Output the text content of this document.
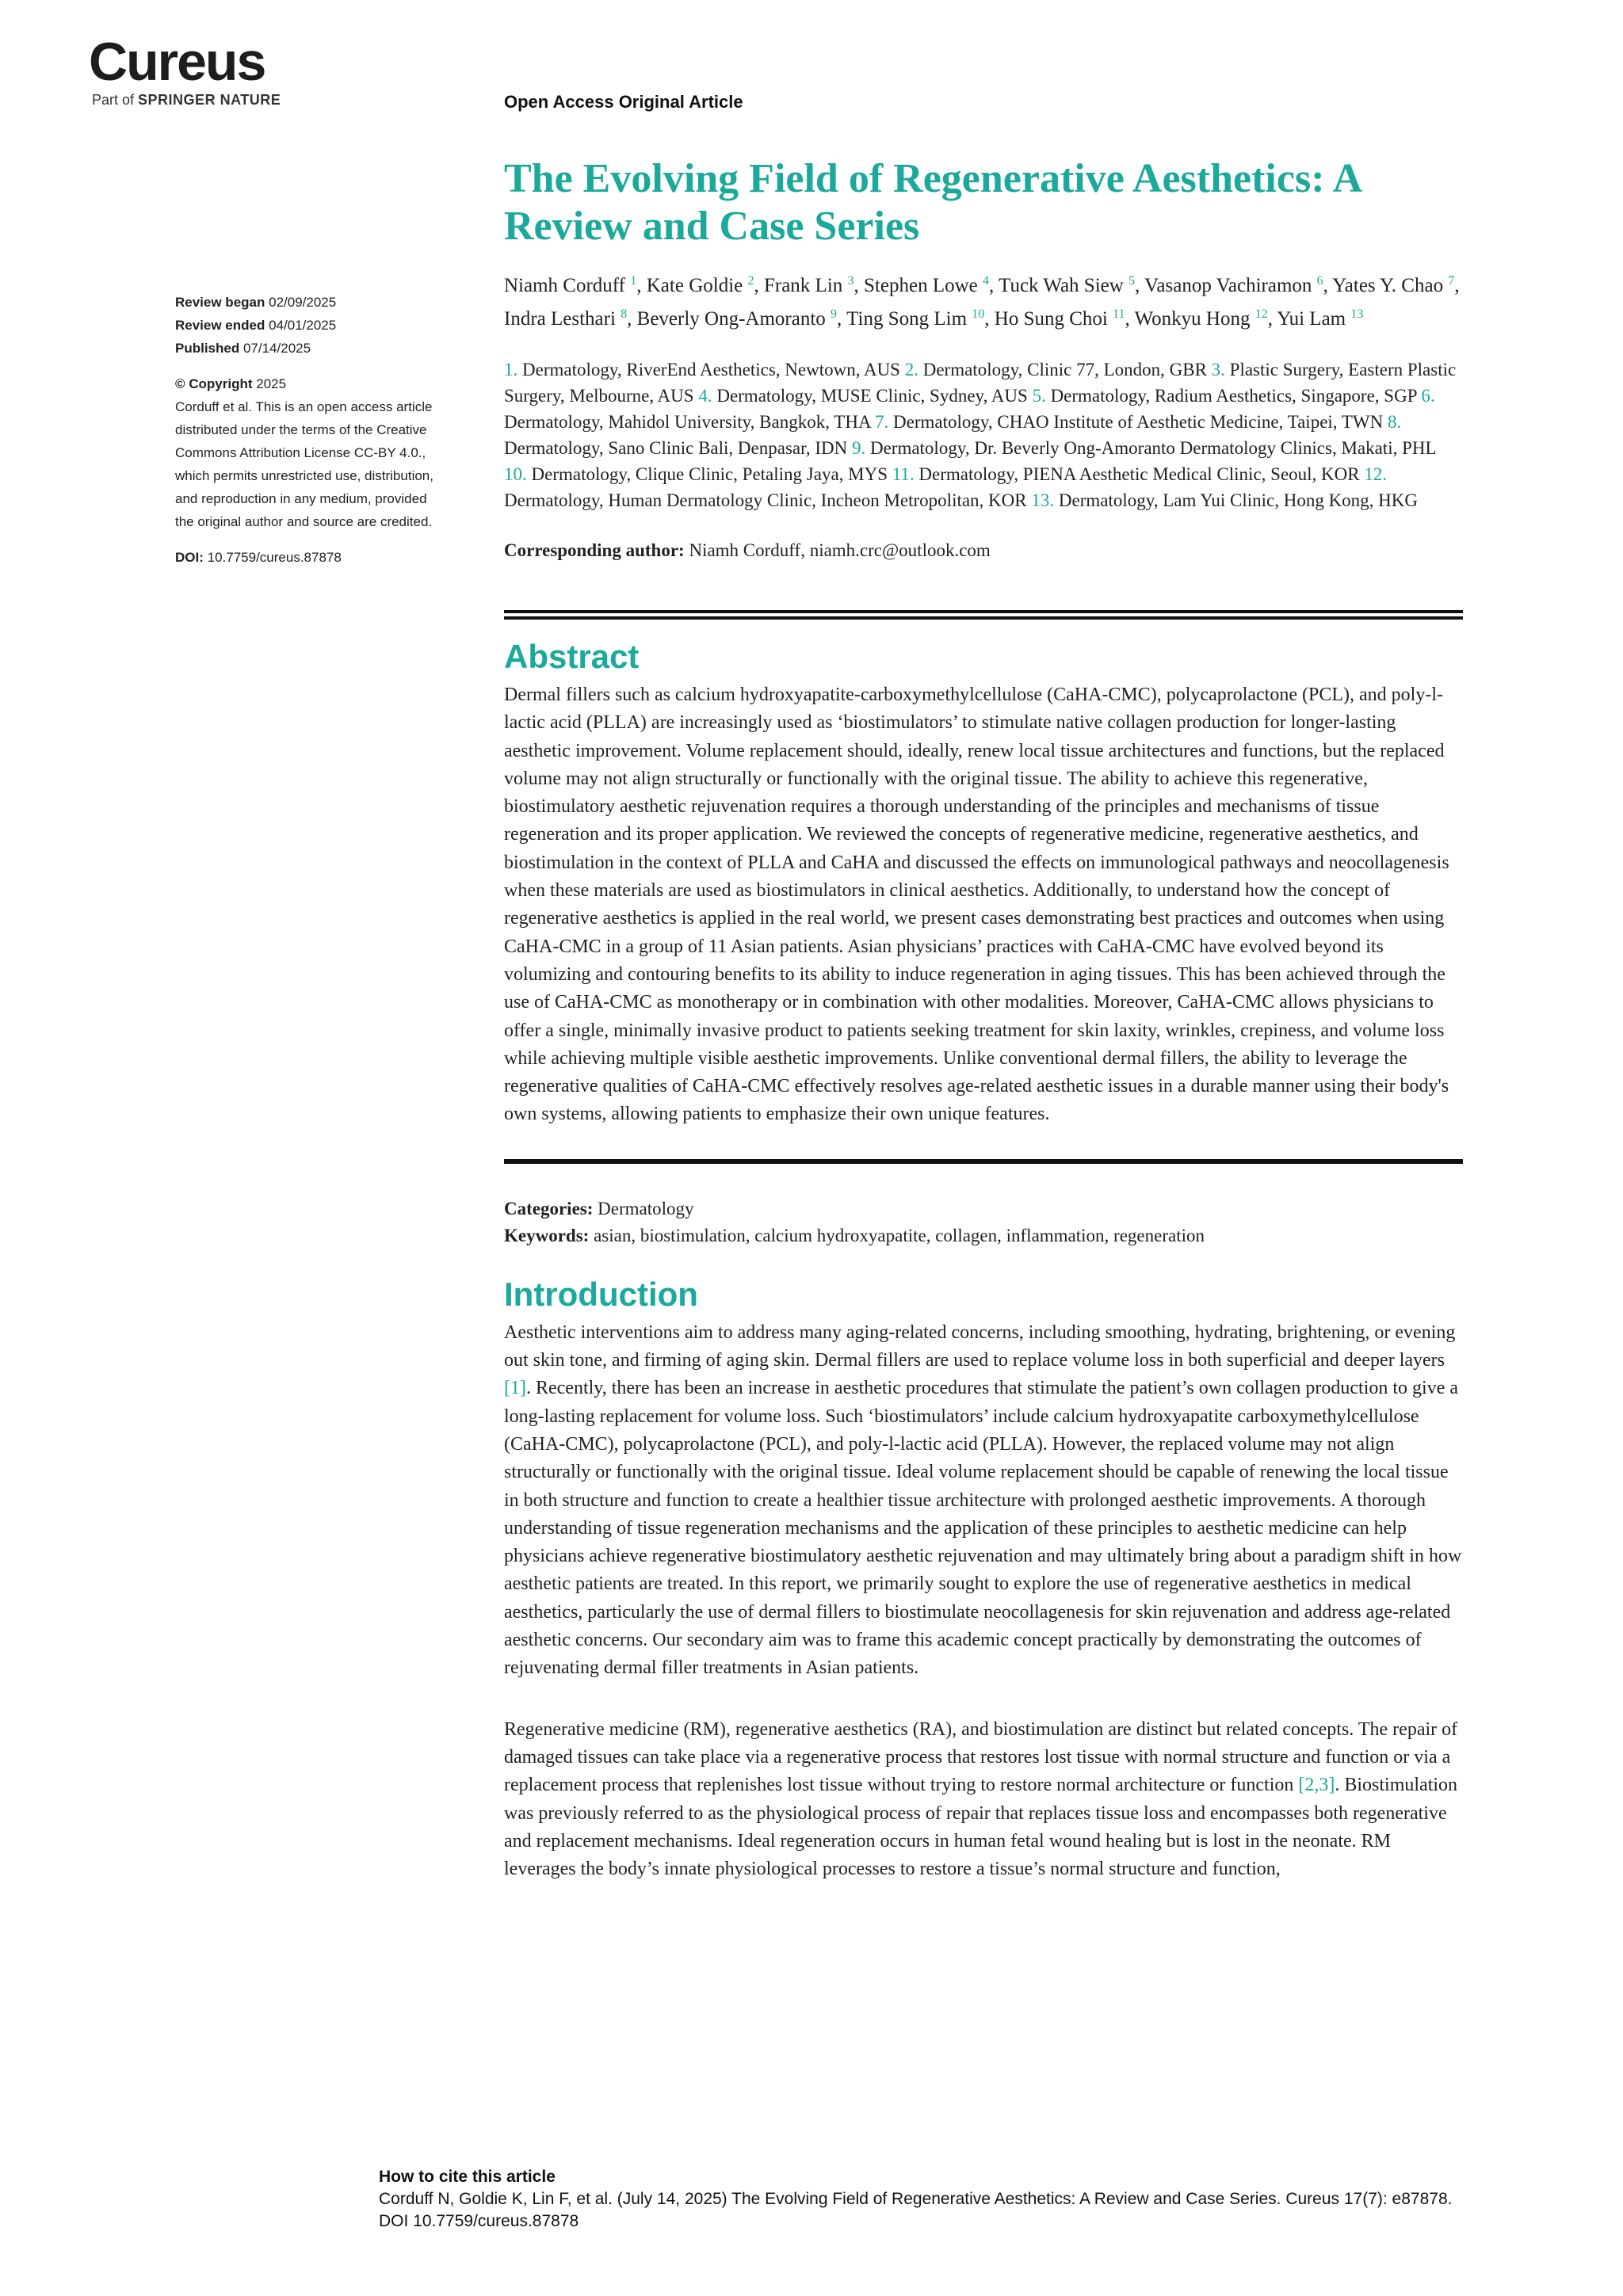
Cureus
Part of SPRINGER NATURE	Open Access Original Article
Review began 02/09/2025
Review ended 04/01/2025
Published 07/14/2025
© Copyright 2025
Corduff et al. This is an open access article
distributed under the terms of the Creative
Commons Attribution License CC-BY 4.0.,
which permits unrestricted use, distribution,
and reproduction in any medium, provided
the original author and source are credited.
DOI: 10.7759/cureus.87878
The Evolving Field of Regenerative Aesthetics: A Review and Case Series
Niamh Corduff $^1$, Kate Goldie $^2$, Frank Lin $^3$, Stephen Lowe $^4$, Tuck Wah Siew $^5$, Vasanop Vachiramon $^6$, Yates Y. Chao $^7$, Indra Lesthari $^8$, Beverly Ong-Amoranto $^9$, Ting Song Lim $^{10}$, Ho Sung Choi $^{11}$, Wonkyu Hong $^{12}$, Yui Lam $^{13}$
1. Dermatology, RiverEnd Aesthetics, Newtown, AUS 2. Dermatology, Clinic 77, London, GBR 3. Plastic Surgery, Eastern Plastic Surgery, Melbourne, AUS 4. Dermatology, MUSE Clinic, Sydney, AUS 5. Dermatology, Radium Aesthetics, Singapore, SGP 6. Dermatology, Mahidol University, Bangkok, THA 7. Dermatology, CHAO Institute of Aesthetic Medicine, Taipei, TWN 8. Dermatology, Sano Clinic Bali, Denpasar, IDN 9. Dermatology, Dr. Beverly Ong-Amoranto Dermatology Clinics, Makati, PHL 10. Dermatology, Clique Clinic, Petaling Jaya, MYS 11. Dermatology, PIENA Aesthetic Medical Clinic, Seoul, KOR 12. Dermatology, Human Dermatology Clinic, Incheon Metropolitan, KOR 13. Dermatology, Lam Yui Clinic, Hong Kong, HKG
Corresponding author: Niamh Corduff, niamh.crc@outlook.com
Abstract

Dermal fillers such as calcium hydroxyapatite-carboxymethylcellulose (CaHA-CMC), polycaprolactone (PCL), and poly-l-lactic acid (PLLA) are increasingly used as ‘biostimulators’ to stimulate native collagen production for longer-lasting aesthetic improvement. Volume replacement should, ideally, renew local tissue architectures and functions, but the replaced volume may not align structurally or functionally with the original tissue. The ability to achieve this regenerative, biostimulatory aesthetic rejuvenation requires a thorough understanding of the principles and mechanisms of tissue regeneration and its proper application. We reviewed the concepts of regenerative medicine, regenerative aesthetics, and biostimulation in the context of PLLA and CaHA and discussed the effects on immunological pathways and neocollagenesis when these materials are used as biostimulators in clinical aesthetics. Additionally, to understand how the concept of regenerative aesthetics is applied in the real world, we present cases demonstrating best practices and outcomes when using CaHA-CMC in a group of 11 Asian patients. Asian physicians’ practices with CaHA-CMC have evolved beyond its volumizing and contouring benefits to its ability to induce regeneration in aging tissues. This has been achieved through the use of CaHA-CMC as monotherapy or in combination with other modalities. Moreover, CaHA-CMC allows physicians to offer a single, minimally invasive product to patients seeking treatment for skin laxity, wrinkles, crepiness, and volume loss while achieving multiple visible aesthetic improvements. Unlike conventional dermal fillers, the ability to leverage the regenerative qualities of CaHA-CMC effectively resolves age-related aesthetic issues in a durable manner using their body's own systems, allowing patients to emphasize their own unique features.

Categories: Dermatology
Keywords: asian, biostimulation, calcium hydroxyapatite, collagen, inflammation, regeneration
Introduction

Aesthetic interventions aim to address many aging-related concerns, including smoothing, hydrating, brightening, or evening out skin tone, and firming of aging skin. Dermal fillers are used to replace volume loss in both superficial and deeper layers [1]. Recently, there has been an increase in aesthetic procedures that stimulate the patient’s own collagen production to give a long-lasting replacement for volume loss. Such ‘biostimulators’ include calcium hydroxyapatite carboxymethylcellulose (CaHA-CMC), polycaprolactone (PCL), and poly-l-lactic acid (PLLA). However, the replaced volume may not align structurally or functionally with the original tissue. Ideal volume replacement should be capable of renewing the local tissue in both structure and function to create a healthier tissue architecture with prolonged aesthetic improvements. A thorough understanding of tissue regeneration mechanisms and the application of these principles to aesthetic medicine can help physicians achieve regenerative biostimulatory aesthetic rejuvenation and may ultimately bring about a paradigm shift in how aesthetic patients are treated. In this report, we primarily sought to explore the use of regenerative aesthetics in medical aesthetics, particularly the use of dermal fillers to biostimulate neocollagenesis for skin rejuvenation and address age-related aesthetic concerns. Our secondary aim was to frame this academic concept practically by demonstrating the outcomes of rejuvenating dermal filler treatments in Asian patients.

Regenerative medicine (RM), regenerative aesthetics (RA), and biostimulation are distinct but related concepts. The repair of damaged tissues can take place via a regenerative process that restores lost tissue with normal structure and function or via a replacement process that replenishes lost tissue without trying to restore normal architecture or function [2,3]. Biostimulation was previously referred to as the physiological process of repair that replaces tissue loss and encompasses both regenerative and replacement mechanisms. Ideal regeneration occurs in human fetal wound healing but is lost in the neonate. RM leverages the body’s innate physiological processes to restore a tissue’s normal structure and function,

How to cite this article
Corduff N, Goldie K, Lin F, et al. (July 14, 2025) The Evolving Field of Regenerative Aesthetics: A Review and Case Series. Cureus 17(7): e87878.
DOI 10.7759/cureus.87878
